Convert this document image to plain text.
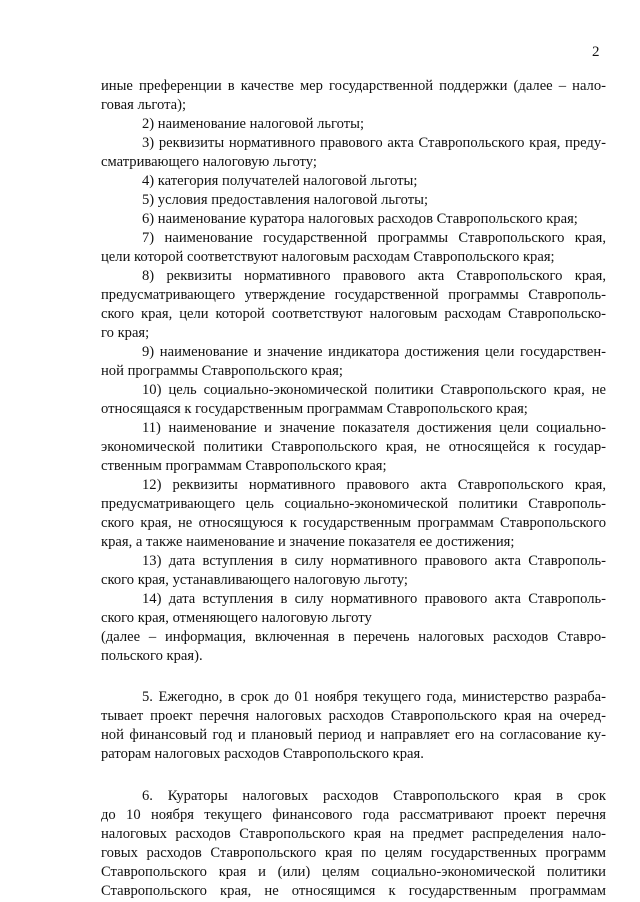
2
иные преференции в качестве мер государственной поддержки (далее – нало-
говая льгота);
2) наименование налоговой льготы;
3) реквизиты нормативного правового акта Ставропольского края, преду-
сматривающего налоговую льготу;
4) категория получателей налоговой льготы;
5) условия предоставления налоговой льготы;
6) наименование куратора налоговых расходов Ставропольского края;
7) наименование государственной программы Ставропольского края,
цели которой соответствуют налоговым расходам Ставропольского края;
8) реквизиты нормативного правового акта Ставропольского края,
предусматривающего утверждение государственной программы Ставрополь-
ского края, цели которой соответствуют налоговым расходам Ставропольско-
го края;
9) наименование и значение индикатора достижения цели государствен-
ной программы Ставропольского края;
10) цель социально-экономической политики Ставропольского края, не
относящаяся к государственным программам Ставропольского края;
11) наименование и значение показателя достижения цели социально-
экономической политики Ставропольского края, не относящейся к государ-
ственным программам Ставропольского края;
12) реквизиты нормативного правового акта Ставропольского края,
предусматривающего цель социально-экономической политики Ставрополь-
ского края, не относящуюся к государственным программам Ставропольского
края, а также наименование и значение показателя ее достижения;
13) дата вступления в силу нормативного правового акта Ставрополь-
ского края, устанавливающего налоговую льготу;
14) дата вступления в силу нормативного правового акта Ставрополь-
ского края, отменяющего налоговую льготу
(далее – информация, включенная в перечень налоговых расходов Ставро-
польского края).
5. Ежегодно, в срок до 01 ноября текущего года, министерство разраба-
тывает проект перечня налоговых расходов Ставропольского края на очеред-
ной финансовый год и плановый период и направляет его на согласование ку-
раторам налоговых расходов Ставропольского края.
6. Кураторы налоговых расходов Ставропольского края в срок
до 10 ноября текущего финансового года рассматривают проект перечня
налоговых расходов Ставропольского края на предмет распределения нало-
говых расходов Ставропольского края по целям государственных программ
Ставропольского края и (или) целям социально-экономической политики
Ставропольского края, не относящимся к государственным программам
